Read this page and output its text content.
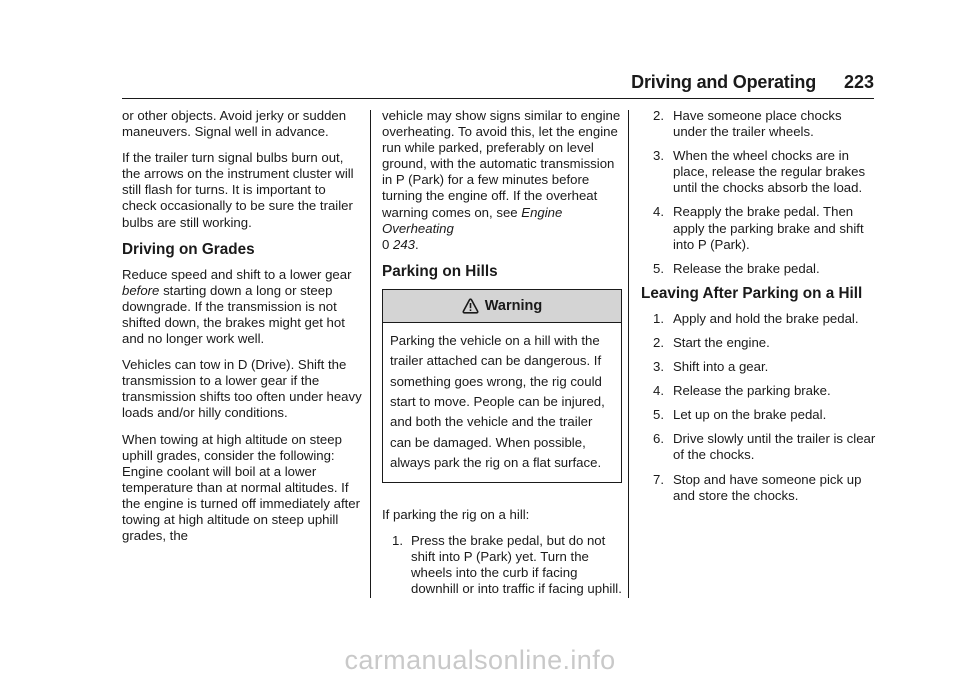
Driving and Operating 223

or other objects. Avoid jerky or sudden maneuvers. Signal well in advance.

If the trailer turn signal bulbs burn out, the arrows on the instrument cluster will still flash for turns. It is important to check occasionally to be sure the trailer bulbs are still working.

Driving on Grades

Reduce speed and shift to a lower gear before starting down a long or steep downgrade. If the transmission is not shifted down, the brakes might get hot and no longer work well.

Vehicles can tow in D (Drive). Shift the transmission to a lower gear if the transmission shifts too often under heavy loads and/or hilly conditions.

When towing at high altitude on steep uphill grades, consider the following: Engine coolant will boil at a lower temperature than at normal altitudes. If the engine is turned off immediately after towing at high altitude on steep uphill grades, the

vehicle may show signs similar to engine overheating. To avoid this, let the engine run while parked, preferably on level ground, with the automatic transmission in P (Park) for a few minutes before turning the engine off. If the overheat warning comes on, see Engine Overheating
0 243.

Parking on Hills
Warning
Parking the vehicle on a hill with the trailer attached can be dangerous. If something goes wrong, the rig could start to move. People can be injured, and both the vehicle and the trailer can be damaged. When possible, always park the rig on a flat surface.

If parking the rig on a hill:

1. Press the brake pedal, but do not shift into P (Park) yet. Turn the wheels into the curb if facing downhill or into traffic if facing uphill.
2. Have someone place chocks under the trailer wheels.
3. When the wheel chocks are in place, release the regular brakes until the chocks absorb the load.
4. Reapply the brake pedal. Then apply the parking brake and shift into P (Park).
5. Release the brake pedal.
Leaving After Parking on a Hill
1. Apply and hold the brake pedal.
2. Start the engine.
3. Shift into a gear.
4. Release the parking brake.
5. Let up on the brake pedal.
6. Drive slowly until the trailer is clear of the chocks.
7. Stop and have someone pick up and store the chocks.
carmanualsonline.info
